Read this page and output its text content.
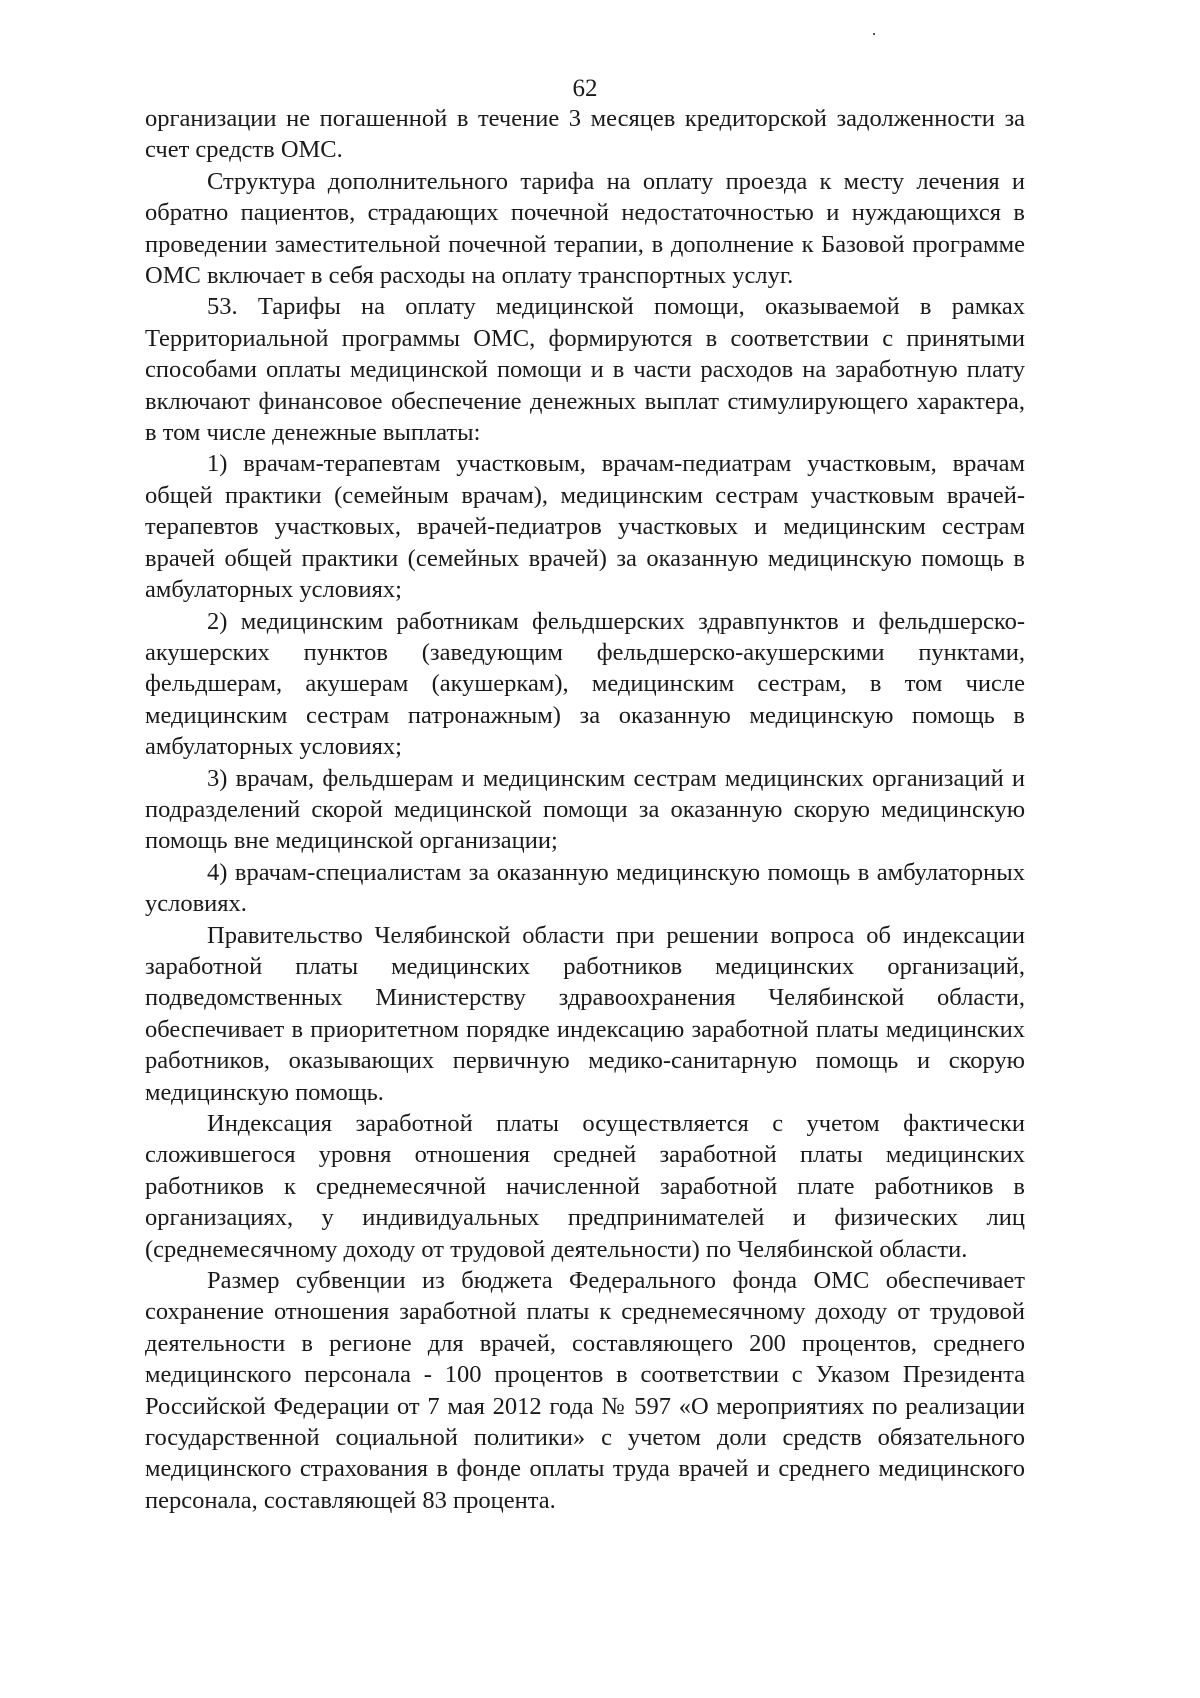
62

организации не погашенной в течение 3 месяцев кредиторской задолженности за счет средств ОМС.

Структура дополнительного тарифа на оплату проезда к месту лечения и обратно пациентов, страдающих почечной недостаточностью и нуждающихся в проведении заместительной почечной терапии, в дополнение к Базовой программе ОМС включает в себя расходы на оплату транспортных услуг.

53. Тарифы на оплату медицинской помощи, оказываемой в рамках Территориальной программы ОМС, формируются в соответствии с принятыми способами оплаты медицинской помощи и в части расходов на заработную плату включают финансовое обеспечение денежных выплат стимулирующего характера, в том числе денежные выплаты:

1) врачам-терапевтам участковым, врачам-педиатрам участковым, врачам общей практики (семейным врачам), медицинским сестрам участковым врачей-терапевтов участковых, врачей-педиатров участковых и медицинским сестрам врачей общей практики (семейных врачей) за оказанную медицинскую помощь в амбулаторных условиях;

2) медицинским работникам фельдшерских здравпунктов и фельдшерско-акушерских пунктов (заведующим фельдшерско-акушерскими пунктами, фельдшерам, акушерам (акушеркам), медицинским сестрам, в том числе медицинским сестрам патронажным) за оказанную медицинскую помощь в амбулаторных условиях;

3) врачам, фельдшерам и медицинским сестрам медицинских организаций и подразделений скорой медицинской помощи за оказанную скорую медицинскую помощь вне медицинской организации;

4) врачам-специалистам за оказанную медицинскую помощь в амбулаторных условиях.

Правительство Челябинской области при решении вопроса об индексации заработной платы медицинских работников медицинских организаций, подведомственных Министерству здравоохранения Челябинской области, обеспечивает в приоритетном порядке индексацию заработной платы медицинских работников, оказывающих первичную медико-санитарную помощь и скорую медицинскую помощь.

Индексация заработной платы осуществляется с учетом фактически сложившегося уровня отношения средней заработной платы медицинских работников к среднемесячной начисленной заработной плате работников в организациях, у индивидуальных предпринимателей и физических лиц (среднемесячному доходу от трудовой деятельности) по Челябинской области.

Размер субвенции из бюджета Федерального фонда ОМС обеспечивает сохранение отношения заработной платы к среднемесячному доходу от трудовой деятельности в регионе для врачей, составляющего 200 процентов, среднего медицинского персонала - 100 процентов в соответствии с Указом Президента Российской Федерации от 7 мая 2012 года № 597 «О мероприятиях по реализации государственной социальной политики» с учетом доли средств обязательного медицинского страхования в фонде оплаты труда врачей и среднего медицинского персонала, составляющей 83 процента.
